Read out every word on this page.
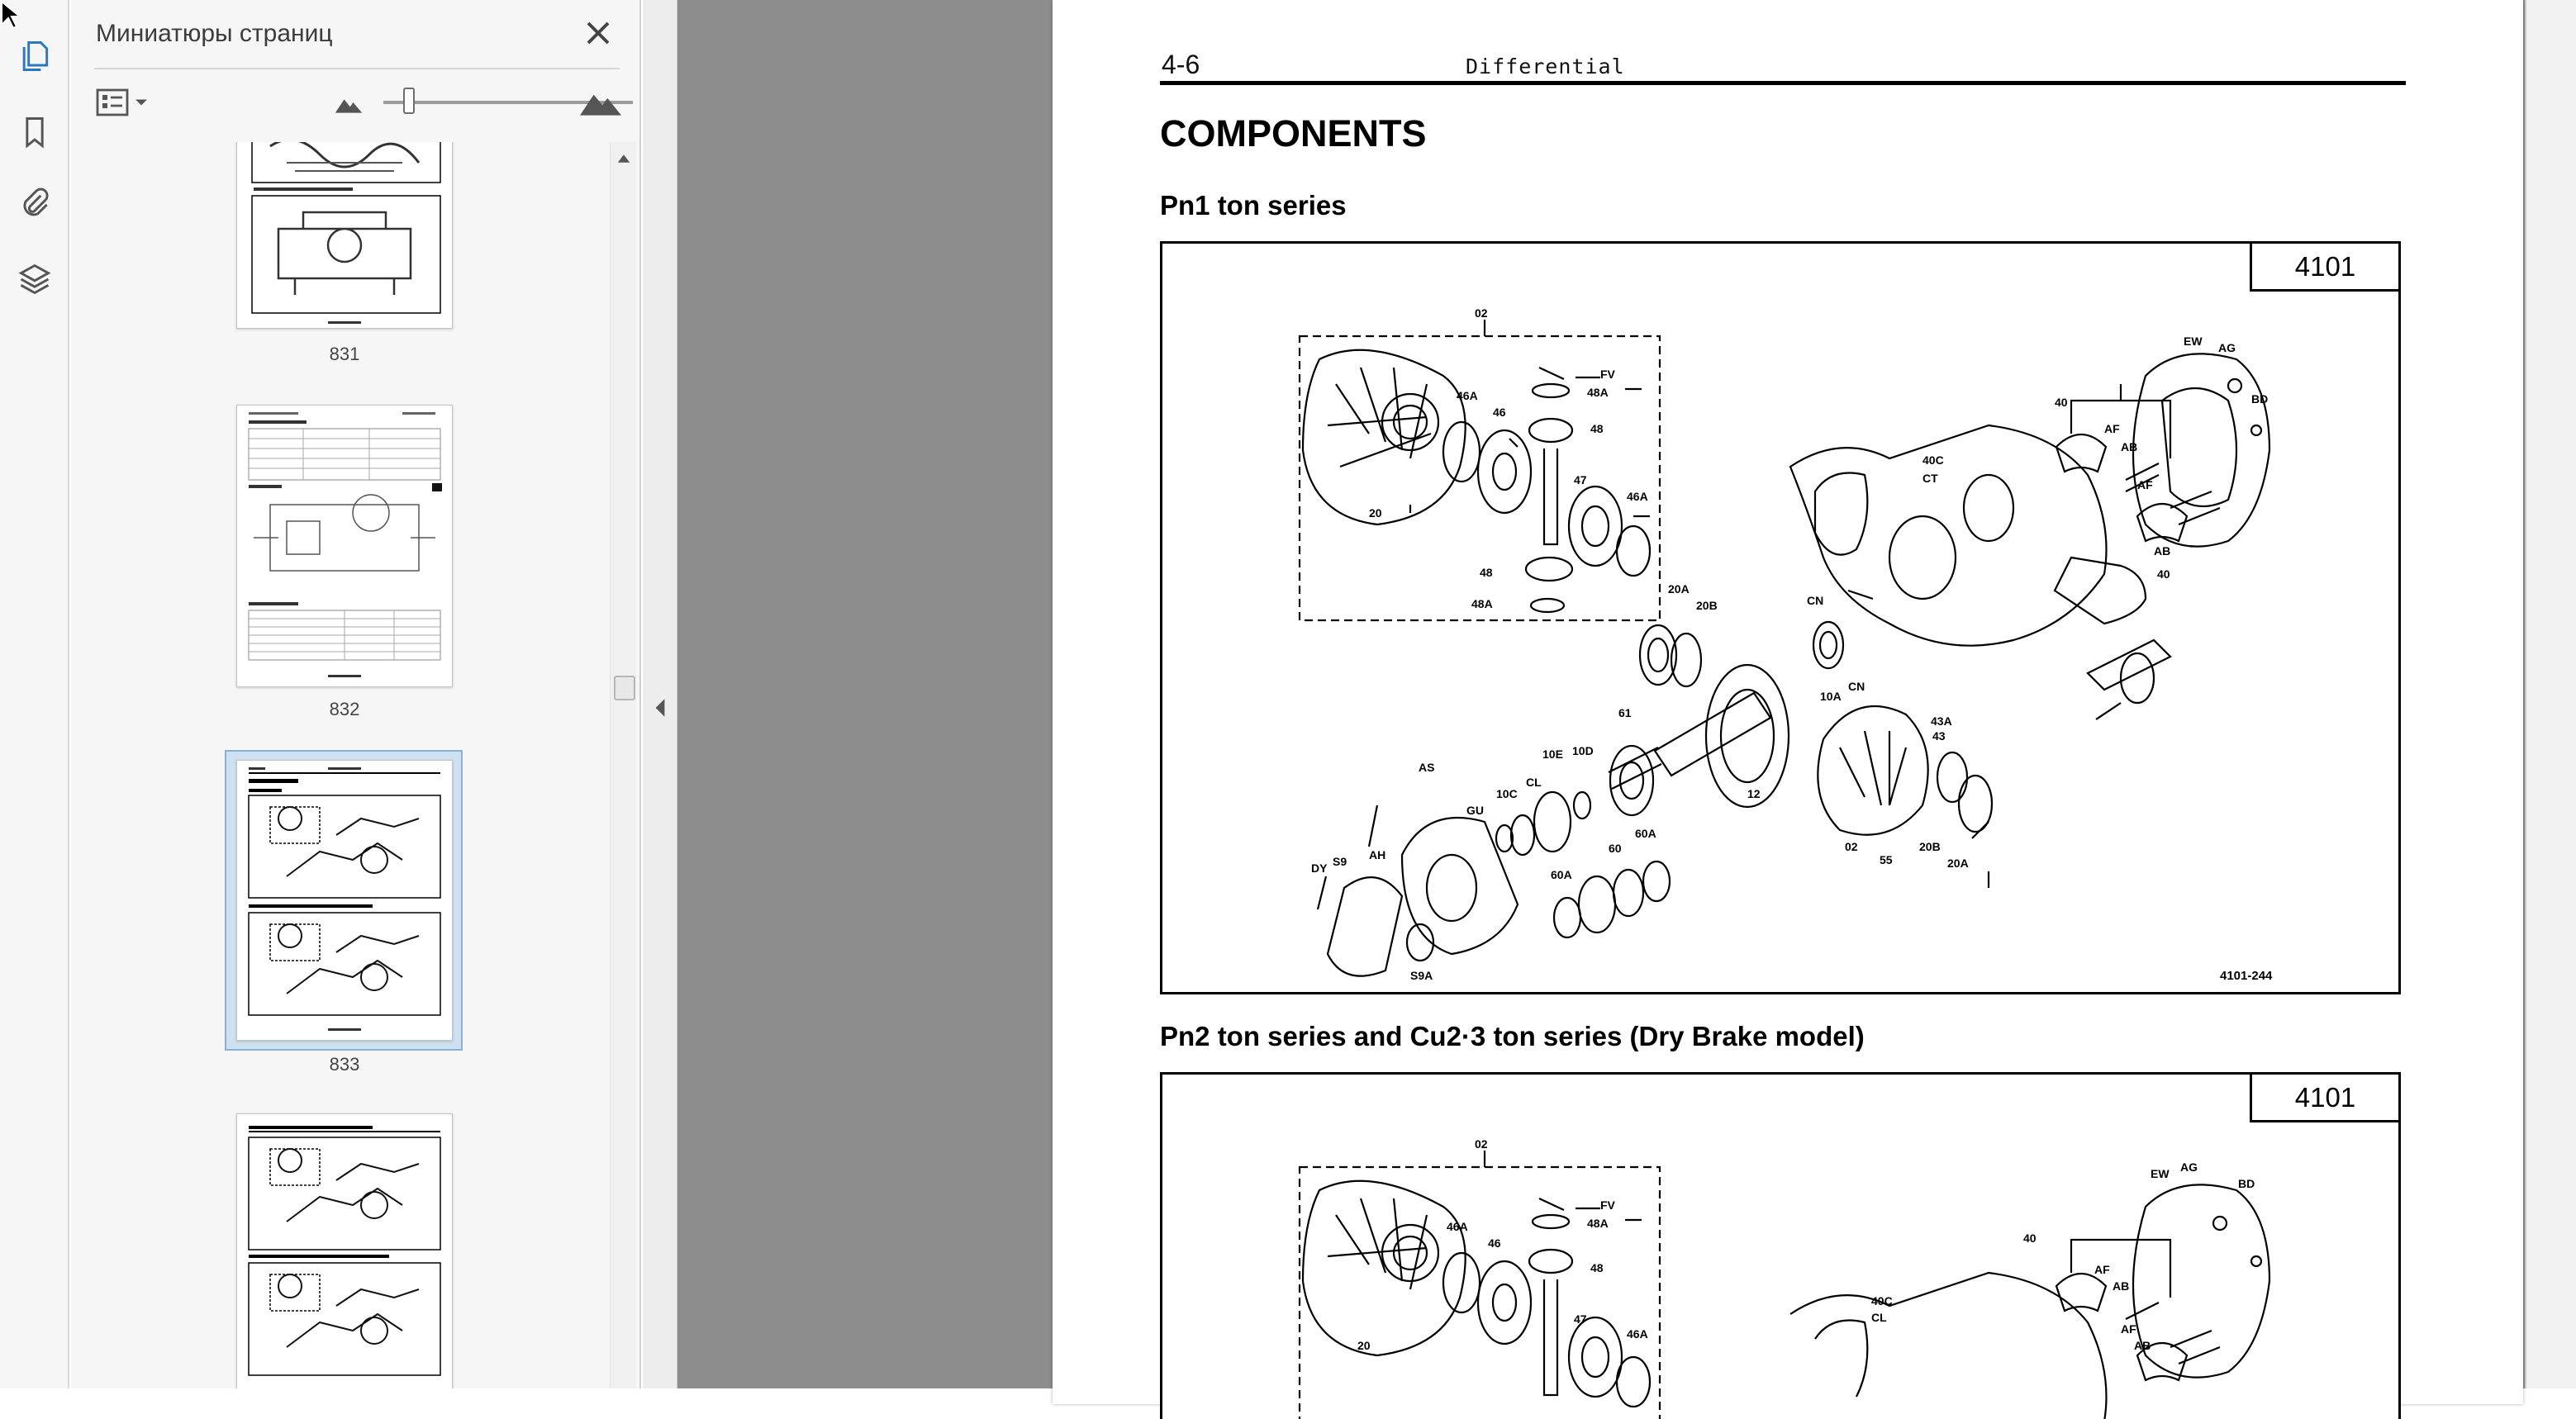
Миниатюры страниц
831
832
833
4-6	Differential
COMPONENTS
Pn1 ton series
4101
02
FV
48A
46A
46
48
47
46A
20
48
48A
20A
20B	CN
40
AF
AB
EW AG
BD
40C
CT	AF
AB
40
10A
CN
61
43A
43
12
AS
10E 10D
CL
10C
GU
AH
S9
DY
60A
60
60A
02
55
20B
20A
S9A	4101-244
Pn2 ton series and Cu2·3 ton series (Dry Brake model)
4101
02
FV
48A
46A
46
48
47
46A
20
40
AF
AB
EW AG
BD
40C
CL
AF
AB
